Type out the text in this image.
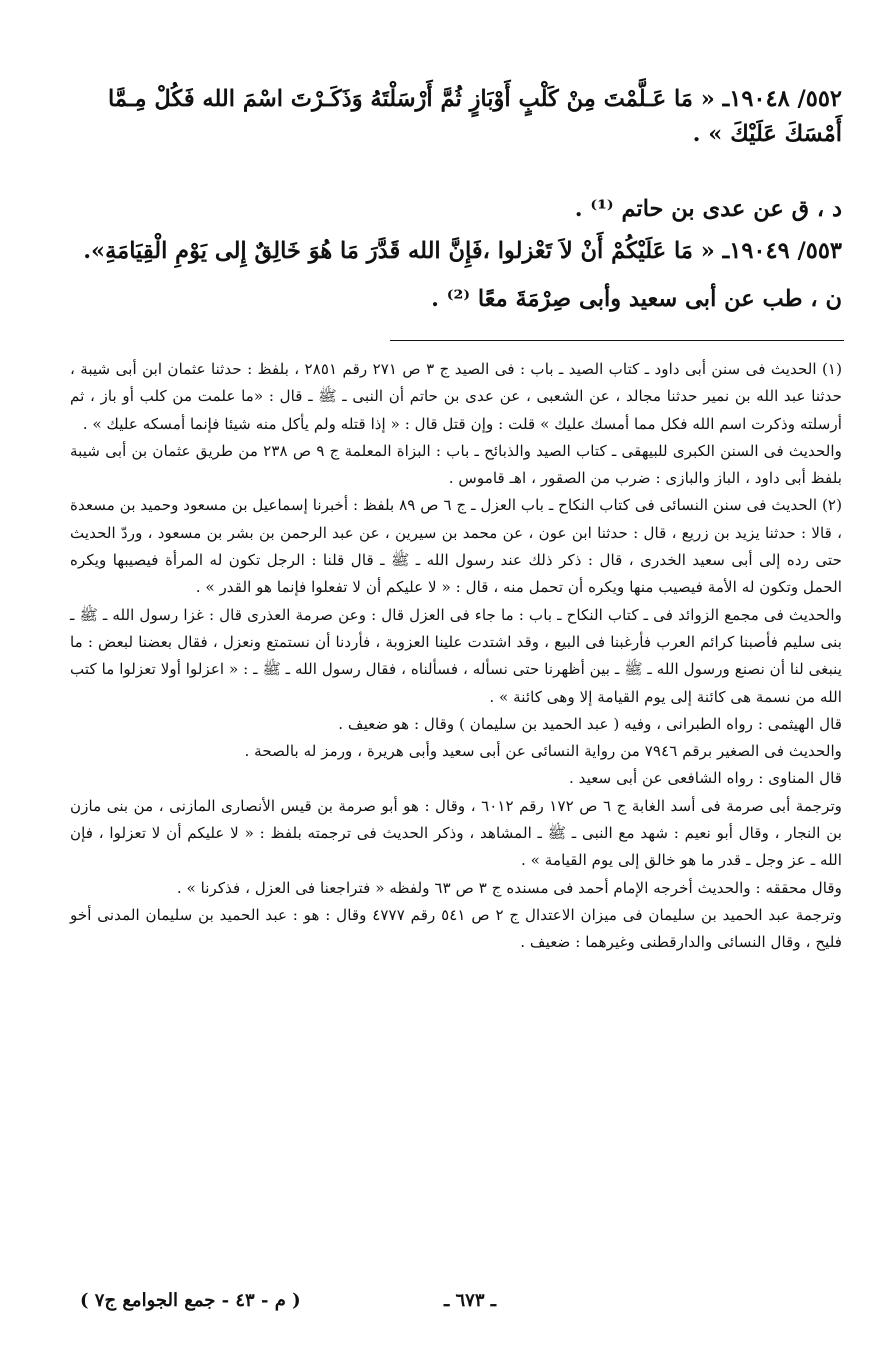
٥٥٢/ ١٩٠٤٨ـ « مَا عَـلَّمْتَ مِنْ كَلْبٍ أَوْبَازٍ ثُمَّ أَرْسَلْتَهُ وَذَكَـرْتَ اسْمَ الله فَكُلْ مِـمَّا
أَمْسَكَ عَلَيْكَ » .
د ، ق عن عدى بن حاتم ⁽¹⁾ .
٥٥٣/ ١٩٠٤٩ـ « مَا عَلَيْكُمْ أَنْ لاَ تَعْزلوا ،فَإِنَّ الله قَدَّرَ مَا هُوَ خَالِقٌ إِلى يَوْمِ الْقِيَامَةِ».
ن ، طب عن أبى سعيد وأبى صِرْمَةَ معًا ⁽²⁾ .

(١) الحديث فى سنن أبى داود ـ كتاب الصيد ـ باب : فى الصيد ج ٣ ص ٢٧١ رقم ٢٨٥١ ، بلفظ : حدثنا عثمان ابن أبى شيبة ، حدثنا عبد الله بن نمير حدثنا مجالد ، عن الشعبى ، عن عدى بن حاتم أن النبى ـ ﷺ ـ قال : «ما علمت من كلب أو باز ، ثم أرسلته وذكرت اسم الله فكل مما أمسك عليك » قلت : وإن قتل قال : « إذا قتله ولم يأكل منه شيئا فإنما أمسكه عليك » .

والحديث فى السنن الكبرى للبيهقى ـ كتاب الصيد والذبائح ـ باب : البزاة المعلمة ج ٩ ص ٢٣٨ من طريق عثمان بن أبى شيبة بلفظ أبى داود ، الباز والبازى : ضرب من الصقور ، اهـ قاموس .

(٢) الحديث فى سنن النسائى فى كتاب النكاح ـ باب العزل ـ ج ٦ ص ٨٩ بلفظ : أخبرنا إسماعيل بن مسعود وحميد بن مسعدة ، قالا : حدثنا يزيد بن زريع ، قال : حدثنا ابن عون ، عن محمد بن سيرين ، عن عبد الرحمن بن بشر بن مسعود ، وردّ الحديث حتى رده إلى أبى سعيد الخدرى ، قال : ذكر ذلك عند رسول الله ـ ﷺ ـ قال قلنا : الرجل تكون له المرأة فيصيبها ويكره الحمل وتكون له الأمة فيصيب منها ويكره أن تحمل منه ، قال : « لا عليكم أن لا تفعلوا فإنما هو القدر » .

والحديث فى مجمع الزوائد فى ـ كتاب النكاح ـ باب : ما جاء فى العزل قال : وعن صرمة العذرى قال : غزا رسول الله ـ ﷺ ـ بنى سليم فأصبنا كرائم العرب فأرغبنا فى البيع ، وقد اشتدت علينا العزوبة ، فأردنا أن نستمتع ونعزل ، فقال بعضنا لبعض : ما ينبغى لنا أن نصنع ورسول الله ـ ﷺ ـ بين أظهرنا حتى نسأله ، فسألناه ، فقال رسول الله ـ ﷺ ـ : « اعزلوا أولا تعزلوا ما كتب الله من نسمة هى كائنة إلى يوم القيامة إلا وهى كائنة » .

قال الهيثمى : رواه الطبرانى ، وفيه ( عبد الحميد بن سليمان ) وقال : هو ضعيف .

والحديث فى الصغير برقم ٧٩٤٦ من رواية النسائى عن أبى سعيد وأبى هريرة ، ورمز له بالصحة .

قال المناوى : رواه الشافعى عن أبى سعيد .

وترجمة أبى صرمة فى أسد الغابة ج ٦ ص ١٧٢ رقم ٦٠١٢ ، وقال : هو أبو صرمة بن قيس الأنصارى المازنى ، من بنى مازن بن النجار ، وقال أبو نعيم : شهد مع النبى ـ ﷺ ـ المشاهد ، وذكر الحديث فى ترجمته بلفظ : « لا عليكم أن لا تعزلوا ، فإن الله ـ عز وجل ـ قدر ما هو خالق إلى يوم القيامة » .

وقال محققه : والحديث أخرجه الإمام أحمد فى مسنده ج ٣ ص ٦٣ ولفظه « فتراجعنا فى العزل ، فذكرنا » .

وترجمة عبد الحميد بن سليمان فى ميزان الاعتدال ج ٢ ص ٥٤١ رقم ٤٧٧٧ وقال : هو : عبد الحميد بن سليمان المدنى أخو فليح ، وقال النسائى والدارقطنى وغيرهما : ضعيف .

ـ ٦٧٣ ـ
( م - ٤٣ - جمع الجوامع ج٧ )
